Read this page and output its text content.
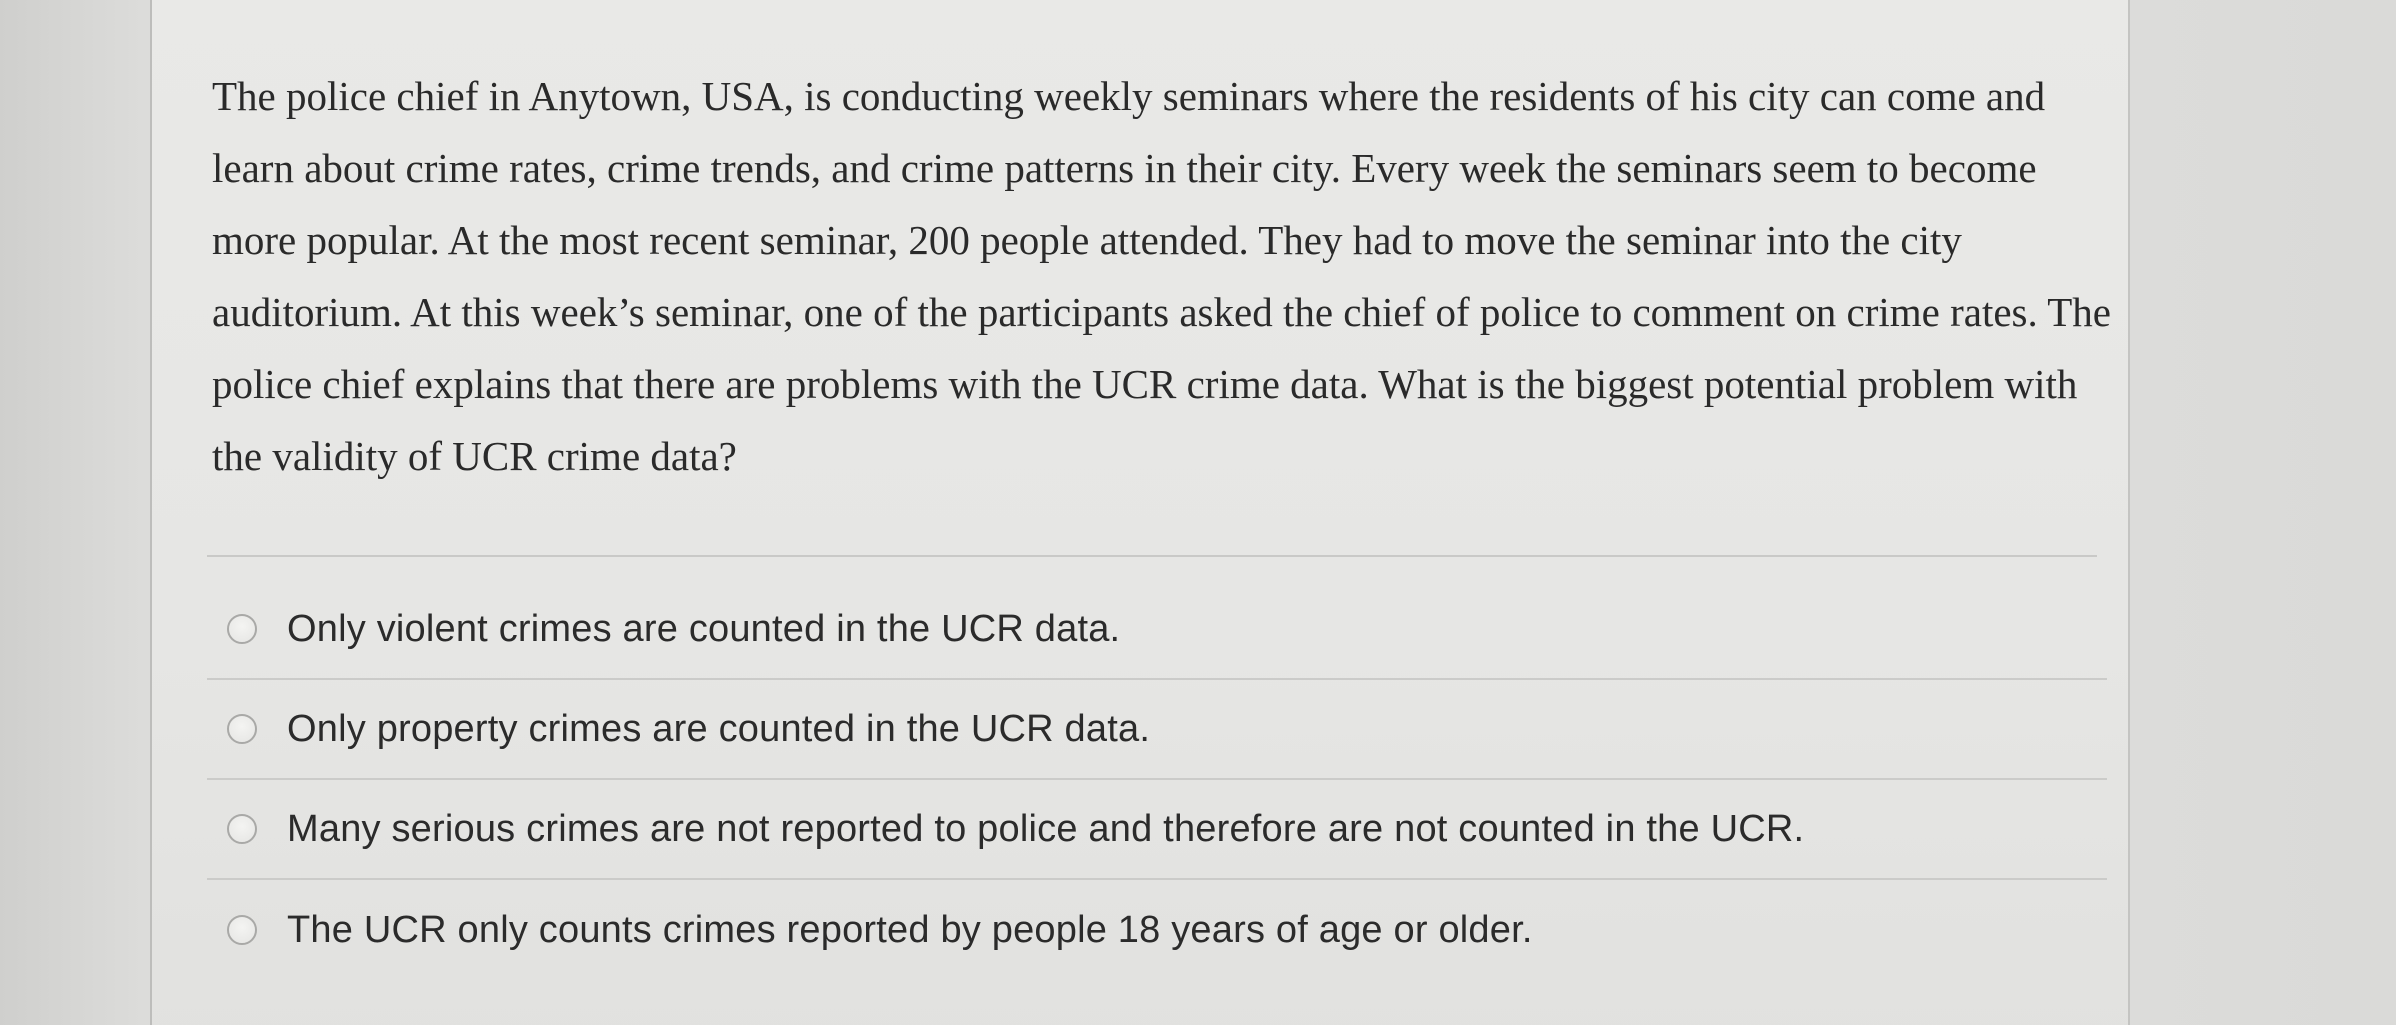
The police chief in Anytown, USA, is conducting weekly seminars where the residents of his city can come and learn about crime rates, crime trends, and crime patterns in their city. Every week the seminars seem to become more popular. At the most recent seminar, 200 people attended. They had to move the seminar into the city auditorium. At this week’s seminar, one of the participants asked the chief of police to comment on crime rates. The police chief explains that there are problems with the UCR crime data. What is the biggest potential problem with the validity of UCR crime data?

Only violent crimes are counted in the UCR data.
Only property crimes are counted in the UCR data.
Many serious crimes are not reported to police and therefore are not counted in the UCR.
The UCR only counts crimes reported by people 18 years of age or older.
